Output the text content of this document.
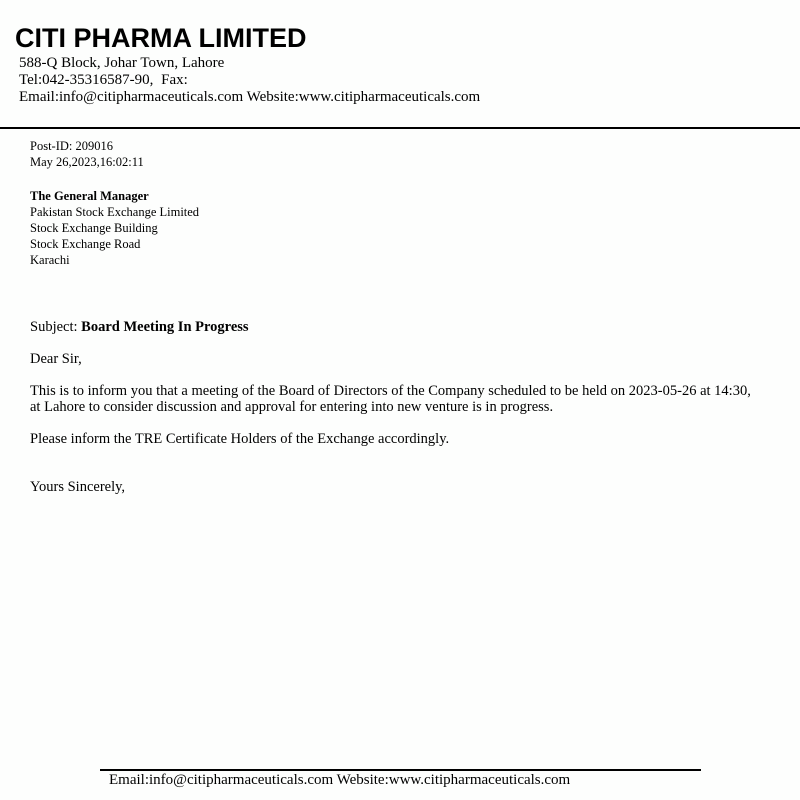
CITI PHARMA LIMITED
588-Q Block, Johar Town, Lahore
Tel:042-35316587-90, Fax:
Email:info@citipharmaceuticals.com Website:www.citipharmaceuticals.com
Post-ID: 209016
May 26,2023,16:02:11
The General Manager
Pakistan Stock Exchange Limited
Stock Exchange Building
Stock Exchange Road
Karachi
Subject: Board Meeting In Progress
Dear Sir,
This is to inform you that a meeting of the Board of Directors of the Company scheduled to be held on 2023-05-26 at 14:30, at Lahore to consider discussion and approval for entering into new venture is in progress.
Please inform the TRE Certificate Holders of the Exchange accordingly.
Yours Sincerely,
Email:info@citipharmaceuticals.com Website:www.citipharmaceuticals.com
